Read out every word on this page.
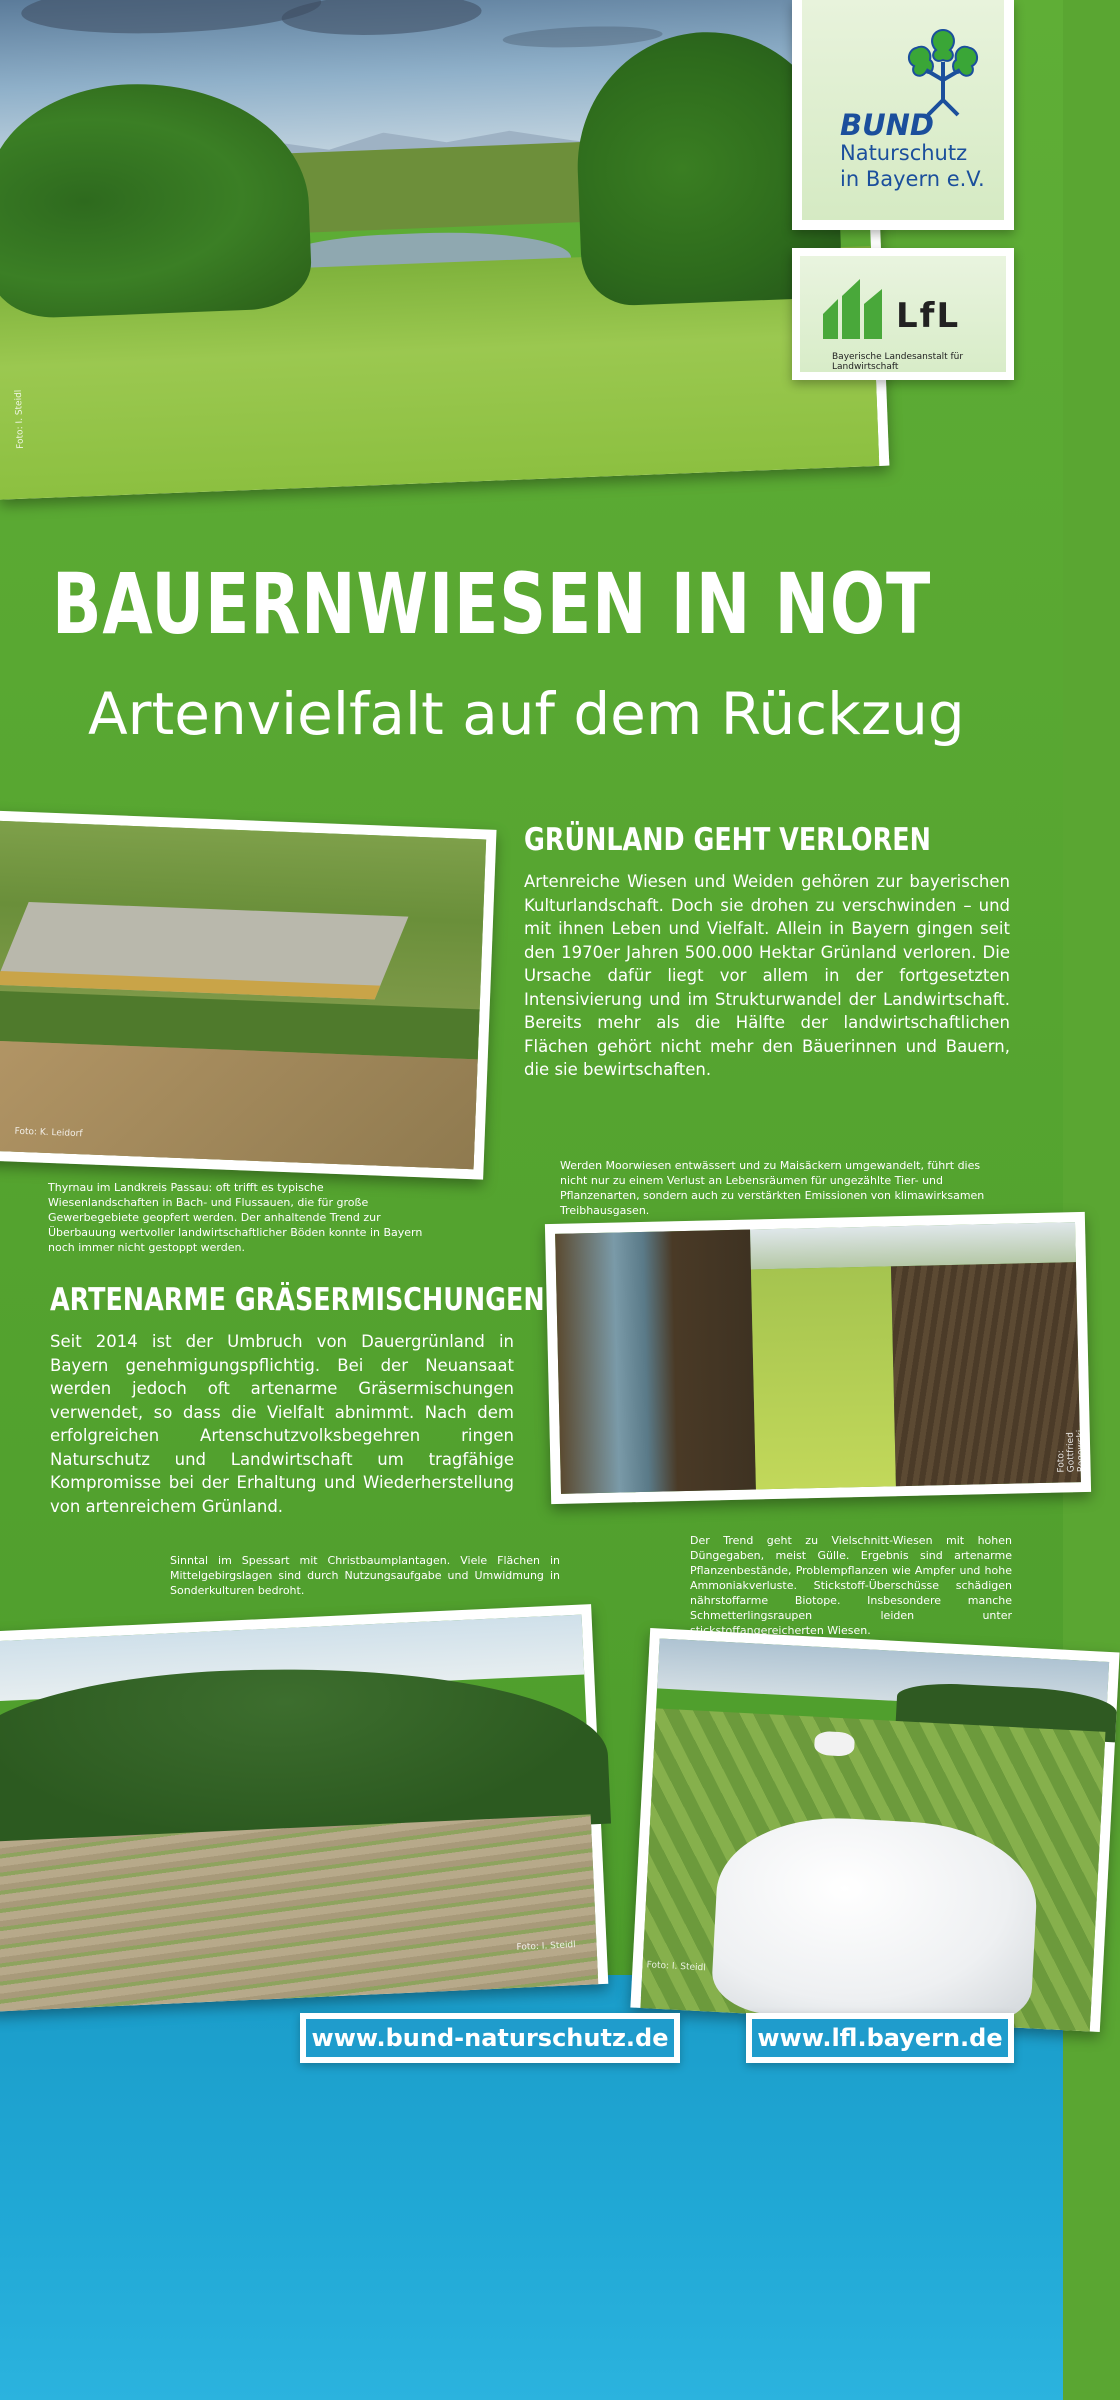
Foto: I. Steidl
BUND
Naturschutz
in Bayern e.V.
LfL
Bayerische Landesanstalt für Landwirtschaft
BAUERNWIESEN IN NOT
Artenvielfalt auf dem Rückzug
Foto: K. Leidorf
GRÜNLAND GEHT VERLOREN
Artenreiche Wiesen und Weiden gehören zur bayerischen Kulturlandschaft. Doch sie drohen zu verschwinden – und mit ihnen Leben und Vielfalt. Allein in Bayern gingen seit den 1970er Jahren 500.000 Hektar Grünland verloren. Die Ursache dafür liegt vor allem in der fortgesetzten Intensivierung und im Strukturwandel der Landwirtschaft. Bereits mehr als die Hälfte der landwirtschaftlichen Flächen gehört nicht mehr den Bäuerinnen und Bauern, die sie bewirtschaften.
Thyrnau im Landkreis Passau: oft trifft es typische Wiesenlandschaften in Bach- und Flussauen, die für große Gewerbegebiete geopfert werden. Der anhaltende Trend zur Überbauung wertvoller landwirtschaftlicher Böden konnte in Bayern noch immer nicht gestoppt werden.
Werden Moorwiesen entwässert und zu Maisäckern umgewandelt, führt dies nicht nur zu einem Verlust an Lebensräumen für ungezählte Tier- und Pflanzenarten, sondern auch zu verstärkten Emissionen von klimawirksamen Treibhausgasen.
Foto: Gottfried Rogowski
ARTENARME GRÄSERMISCHUNGEN
Seit 2014 ist der Umbruch von Dauergrünland in Bayern genehmigungspflichtig. Bei der Neuansaat werden jedoch oft artenarme Gräsermischungen verwendet, so dass die Vielfalt abnimmt. Nach dem erfolgreichen Artenschutzvolksbegehren ringen Naturschutz und Landwirtschaft um tragfähige Kompromisse bei der Erhaltung und Wiederherstellung von artenreichem Grünland.
Sinntal im Spessart mit Christbaumplantagen. Viele Flächen in Mittelgebirgslagen sind durch Nutzungsaufgabe und Umwidmung in Sonderkulturen bedroht.
Der Trend geht zu Vielschnitt-Wiesen mit hohen Düngegaben, meist Gülle. Ergebnis sind artenarme Pflanzenbestände, Problempflanzen wie Ampfer und hohe Ammoniakverluste. Stickstoff-Überschüsse schädigen nährstoffarme Biotope. Insbesondere manche Schmetterlingsraupen leiden unter stickstoffangereicherten Wiesen.
Foto: I. Steidl
Foto: I. Steidl
www.bund-naturschutz.de	www.lfl.bayern.de
